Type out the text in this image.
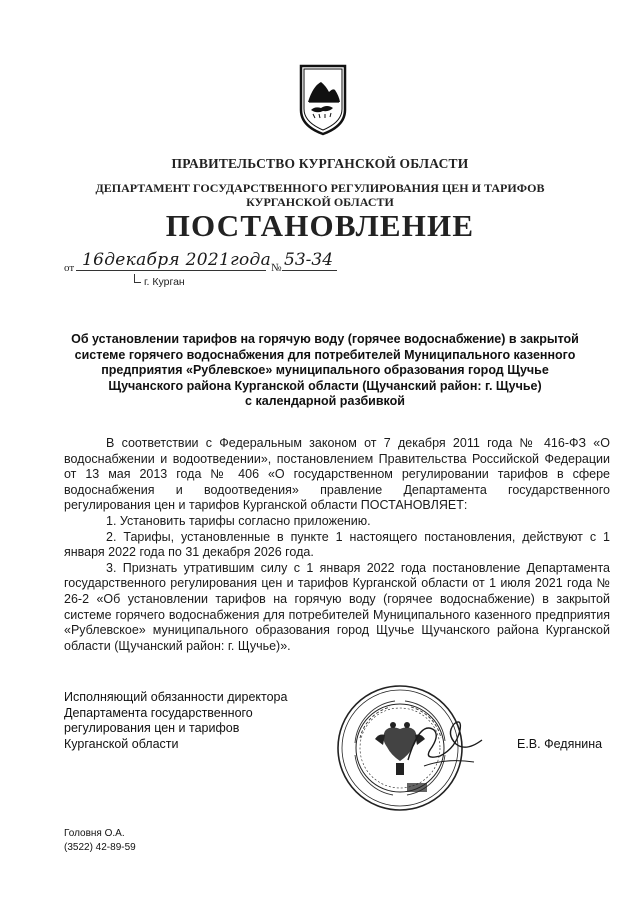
ПРАВИТЕЛЬСТВО КУРГАНСКОЙ ОБЛАСТИ
ДЕПАРТАМЕНТ ГОСУДАРСТВЕННОГО РЕГУЛИРОВАНИЯ ЦЕН И ТАРИФОВ
КУРГАНСКОЙ ОБЛАСТИ
ПОСТАНОВЛЕНИЕ
от 16декабря 2021года № 53-34
г. Курган
Об установлении тарифов на горячую воду (горячее водоснабжение) в закрытой
системе горячего водоснабжения для потребителей Муниципального казенного
предприятия «Рублевское» муниципального образования город Щучье
Щучанского района Курганской области (Щучанский район: г. Щучье)
с календарной разбивкой

В соответствии с Федеральным законом от 7 декабря 2011 года № 416-ФЗ «О водоснабжении и водоотведении», постановлением Правительства Российской Федерации от 13 мая 2013 года № 406 «О государственном регулировании тарифов в сфере водоснабжения и водоотведения» правление Департамента государственного регулирования цен и тарифов Курганской области ПОСТАНОВЛЯЕТ:

1. Установить тарифы согласно приложению.

2. Тарифы, установленные в пункте 1 настоящего постановления, действуют с 1 января 2022 года по 31 декабря 2026 года.

3. Признать утратившим силу с 1 января 2022 года постановление Департамента государственного регулирования цен и тарифов Курганской области от 1 июля 2021 года № 26-2 «Об установлении тарифов на горячую воду (горячее водоснабжение) в закрытой системе горячего водоснабжения для потребителей Муниципального казенного предприятия «Рублевское» муниципального образования город Щучье Щучанского района Курганской области (Щучанский район: г. Щучье)».

Исполняющий обязанности директора
Департамента государственного
регулирования цен и тарифов
Курганской области	Е.В. Федянина
Головня О.А.
(3522) 42-89-59
